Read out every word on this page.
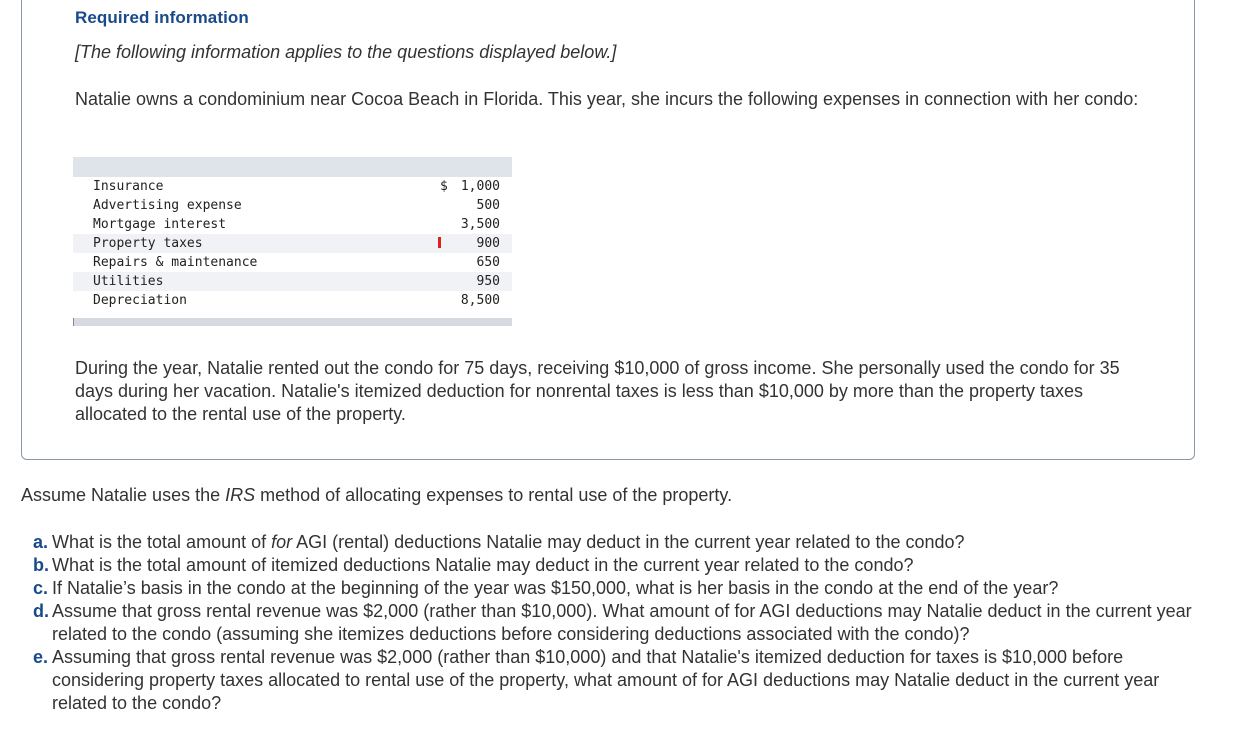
Required information
[The following information applies to the questions displayed below.]
Natalie owns a condominium near Cocoa Beach in Florida. This year, she incurs the following expenses in connection with her condo:
Insurance	$ 1,000
Advertising expense	500
Mortgage interest	3,500
Property taxes	900
Repairs & maintenance	650
Utilities	950
Depreciation	8,500
During the year, Natalie rented out the condo for 75 days, receiving $10,000 of gross income. She personally used the condo for 35 days during her vacation. Natalie's itemized deduction for nonrental taxes is less than $10,000 by more than the property taxes allocated to the rental use of the property.
Assume Natalie uses the IRS method of allocating expenses to rental use of the property.
a. What is the total amount of for AGI (rental) deductions Natalie may deduct in the current year related to the condo?
b. What is the total amount of itemized deductions Natalie may deduct in the current year related to the condo?
c. If Natalie’s basis in the condo at the beginning of the year was $150,000, what is her basis in the condo at the end of the year?
d. Assume that gross rental revenue was $2,000 (rather than $10,000). What amount of for AGI deductions may Natalie deduct in the current year related to the condo (assuming she itemizes deductions before considering deductions associated with the condo)?
e. Assuming that gross rental revenue was $2,000 (rather than $10,000) and that Natalie's itemized deduction for taxes is $10,000 before considering property taxes allocated to rental use of the property, what amount of for AGI deductions may Natalie deduct in the current year related to the condo?
